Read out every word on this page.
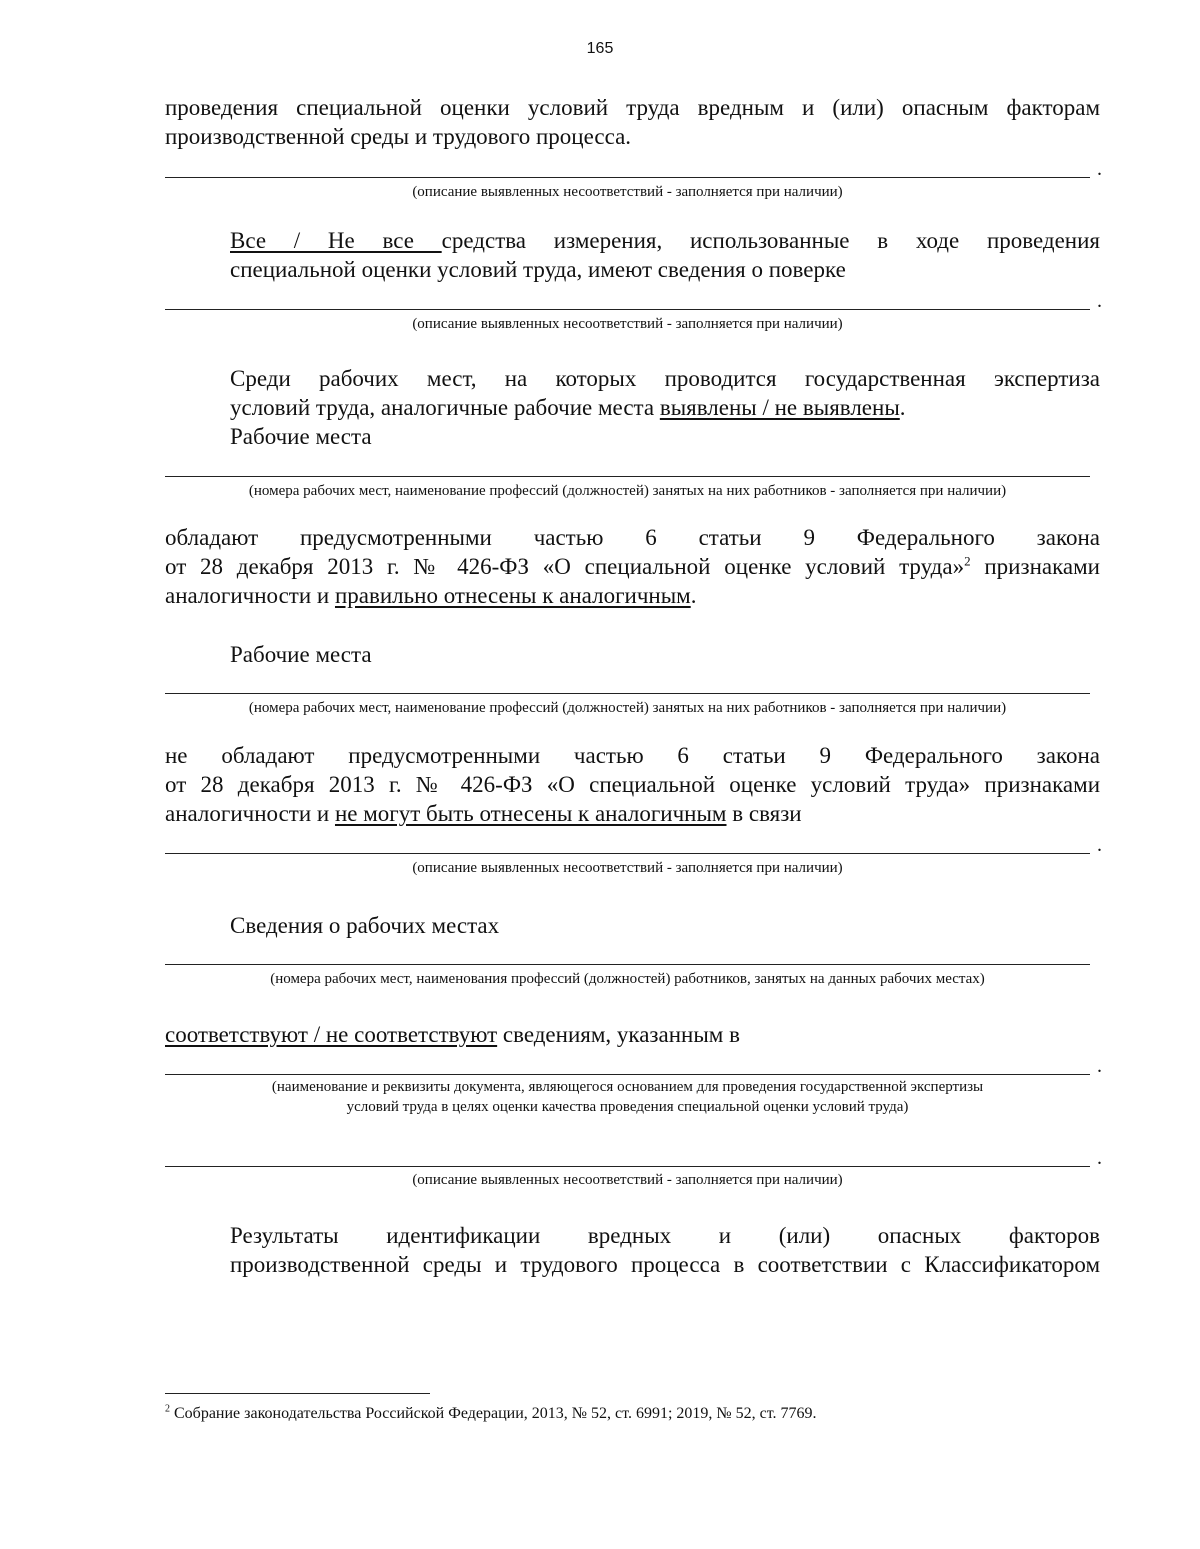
165
проведения специальной оценки условий труда вредным и (или) опасным факторам
производственной среды и трудового процесса.
.
(описание выявленных несоответствий - заполняется при наличии)
Все / Не все средства измерения, использованные в ходе проведения
специальной оценки условий труда, имеют сведения о поверке
.
(описание выявленных несоответствий - заполняется при наличии)
Среди рабочих мест, на которых проводится государственная экспертиза
условий труда, аналогичные рабочие места выявлены / не выявлены.
Рабочие места
(номера рабочих мест, наименование профессий (должностей) занятых на них работников - заполняется при наличии)
обладают предусмотренными частью 6 статьи 9 Федерального закона
от 28 декабря 2013 г. № 426-ФЗ «О специальной оценке условий труда»$^2$ признаками
аналогичности и правильно отнесены к аналогичным.
Рабочие места
(номера рабочих мест, наименование профессий (должностей) занятых на них работников - заполняется при наличии)
не обладают предусмотренными частью 6 статьи 9 Федерального закона
от 28 декабря 2013 г. № 426-ФЗ «О специальной оценке условий труда» признаками
аналогичности и не могут быть отнесены к аналогичным в связи
.
(описание выявленных несоответствий - заполняется при наличии)
Сведения о рабочих местах
(номера рабочих мест, наименования профессий (должностей) работников, занятых на данных рабочих местах)
соответствуют / не соответствуют сведениям, указанным в
.
(наименование и реквизиты документа, являющегося основанием для проведения государственной экспертизы
условий труда в целях оценки качества проведения специальной оценки условий труда)
.
(описание выявленных несоответствий - заполняется при наличии)
Результаты идентификации вредных и (или) опасных факторов
производственной среды и трудового процесса в соответствии с Классификатором
$^2$ Собрание законодательства Российской Федерации, 2013, № 52, ст. 6991; 2019, № 52, ст. 7769.
